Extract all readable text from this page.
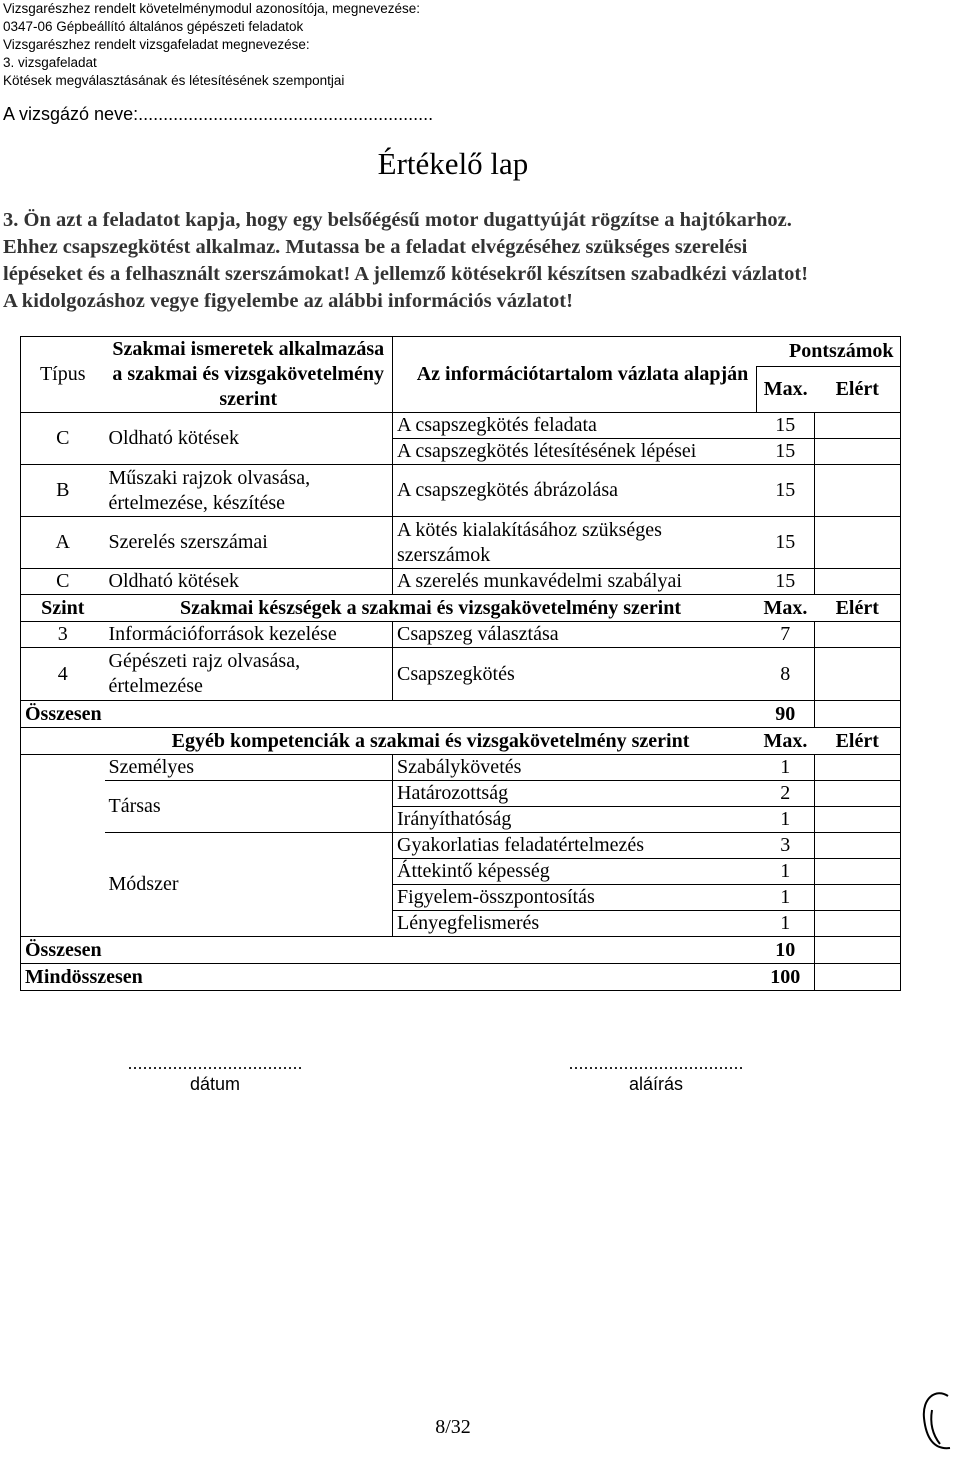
Vizsgarészhez rendelt követelménymodul azonosítója, megnevezése:
0347-06 Gépbeállító általános gépészeti feladatok
Vizsgarészhez rendelt vizsgafeladat megnevezése:
3. vizsgafeladat
Kötések megválasztásának és létesítésének szempontjai
A vizsgázó neve:...........................................................
Értékelő lap

3. Ön azt a feladatot kapja, hogy egy belsőégésű motor dugattyúját rögzítse a hajtókarhoz.

Ehhez csapszegkötést alkalmaz. Mutassa be a feladat elvégzéséhez szükséges szerelési

lépéseket és a felhasznált szerszámokat! A jellemző kötésekről készítsen szabadkézi vázlatot!

A kidolgozáshoz vegye figyelembe az alábbi információs vázlatot!

Típus	Szakmai ismeretek alkalmazása a szakmai és vizsgakövetelmény szerint	Az információtartalom vázlata alapján	Pontszámok	
			Max.	Elért
C	Oldható kötések	A csapszegkötés feladata	15	
		A csapszegkötés létesítésének lépései	15	
B	Műszaki rajzok olvasása, értelmezése, készítése	A csapszegkötés ábrázolása	15	
A	Szerelés szerszámai	A kötés kialakításához szükséges szerszámok	15	
C	Oldható kötések	A szerelés munkavédelmi szabályai	15	
Szint	Szakmai készségek a szakmai és vizsgakövetelmény szerint		Max.	Elért
3	Információforrások kezelése	Csapszeg választása	7	
4	Gépészeti rajz olvasása, értelmezése	Csapszegkötés	8	
Összesen			90	
	Egyéb kompetenciák a szakmai és vizsgakövetelmény szerint		Max.	Elért
	Személyes	Szabálykövetés	1	
	Társas	Határozottság	2	
		Irányíthatóság	1	
	Módszer	Gyakorlatias feladatértelmezés	3	
		Áttekintő képesség	1	
		Figyelem-összpontosítás	1	
		Lényegfelismerés	1	
Összesen			10	
Mindösszesen			100	
...................................
dátum
...................................
aláírás
8/32
